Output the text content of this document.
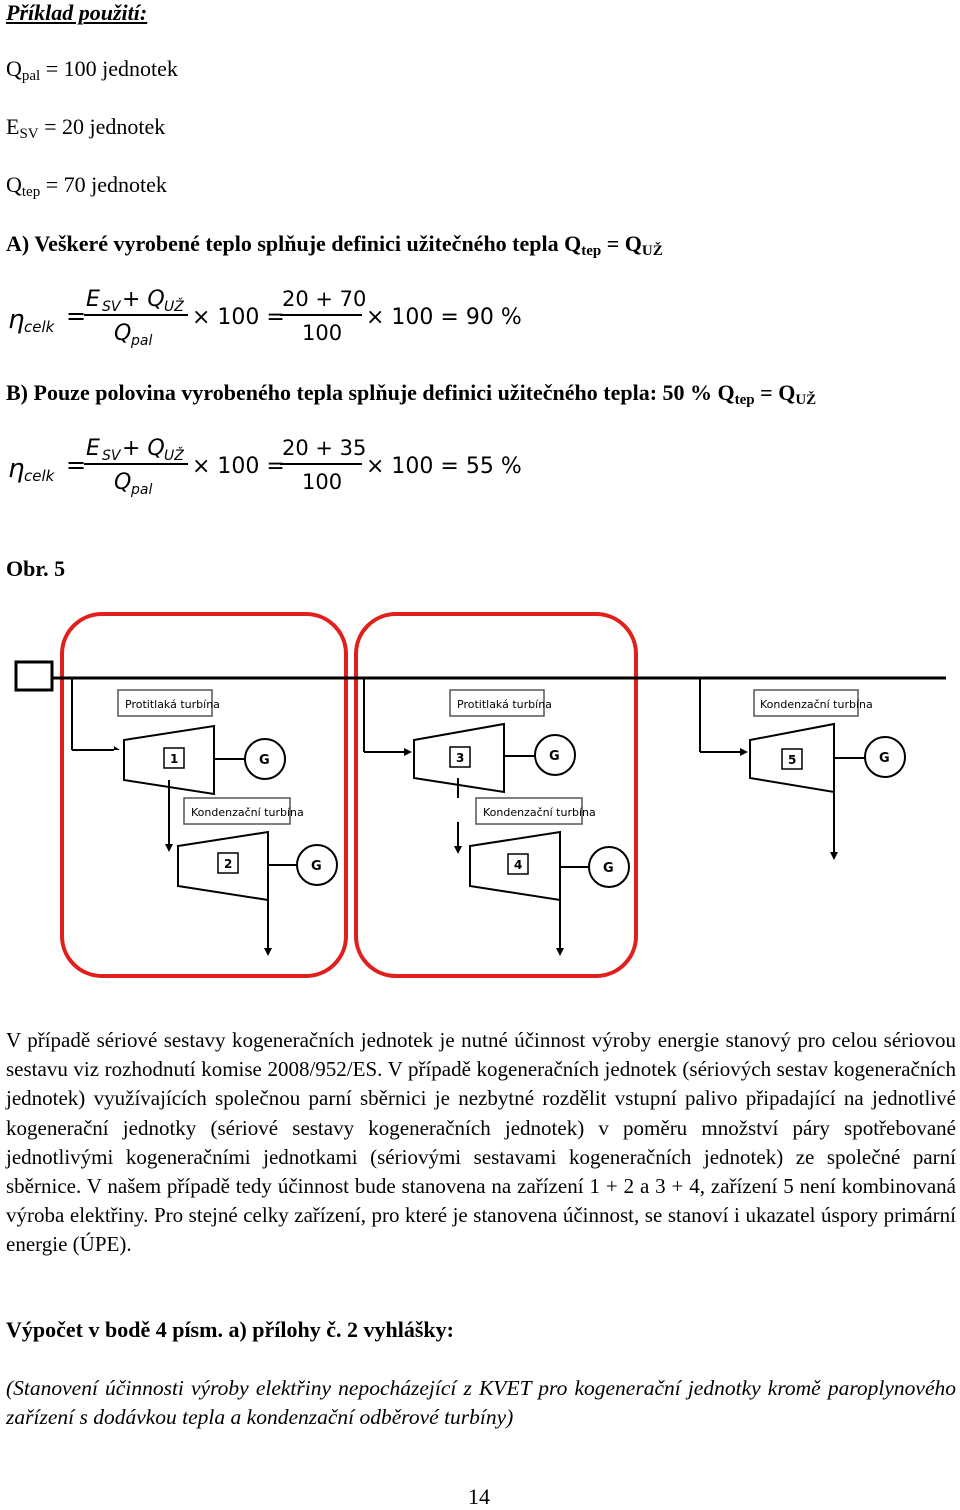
Příklad použití:
$Q_{pal} = 100$ jednotek
$E_{SV} = 20$ jednotek
$Q_{tep} = 70$ jednotek
A) Veškeré vyrobené teplo splňuje definici užitečného tepla $Q_{tep} = Q_{UŽ}$
η celk =
E SV + Q UŽ
Q pal
× 100 =
20 + 70
100
× 100 = 90 %
B) Pouze polovina vyrobeného tepla splňuje definici užitečného tepla: 50 % $Q_{tep} = Q_{UŽ}$
η celk =
E SV + Q UŽ
Q pal
× 100 =
20 + 35
100
× 100 = 55 %
Obr. 5
Protitlaká turbína
1	G
Kondenzační turbína
2	G
Protitlaká turbína
3	G
Kondenzační turbína
4	G
Kondenzační turbína
5	G
V případě sériové sestavy kogeneračních jednotek je nutné účinnost výroby energie stanový pro celou sériovou sestavu viz rozhodnutí komise 2008/952/ES. V případě kogeneračních jednotek (sériových sestav kogeneračních jednotek) využívajících společnou parní sběrnici je nezbytné rozdělit vstupní palivo připadající na jednotlivé kogenerační jednotky (sériové sestavy kogeneračních jednotek) v poměru množství páry spotřebované jednotlivými kogeneračními jednotkami (sériovými sestavami kogeneračních jednotek) ze společné parní sběrnice. V našem případě tedy účinnost bude stanovena na zařízení 1 + 2 a 3 + 4, zařízení 5 není kombinovaná výroba elektřiny. Pro stejné celky zařízení, pro které je stanovena účinnost, se stanoví i ukazatel úspory primární energie (ÚPE).
Výpočet v bodě 4 písm. a) přílohy č. 2 vyhlášky:
(Stanovení účinnosti výroby elektřiny nepocházející z KVET pro kogenerační jednotky kromě paroplynového zařízení s dodávkou tepla a kondenzační odběrové turbíny)
14
